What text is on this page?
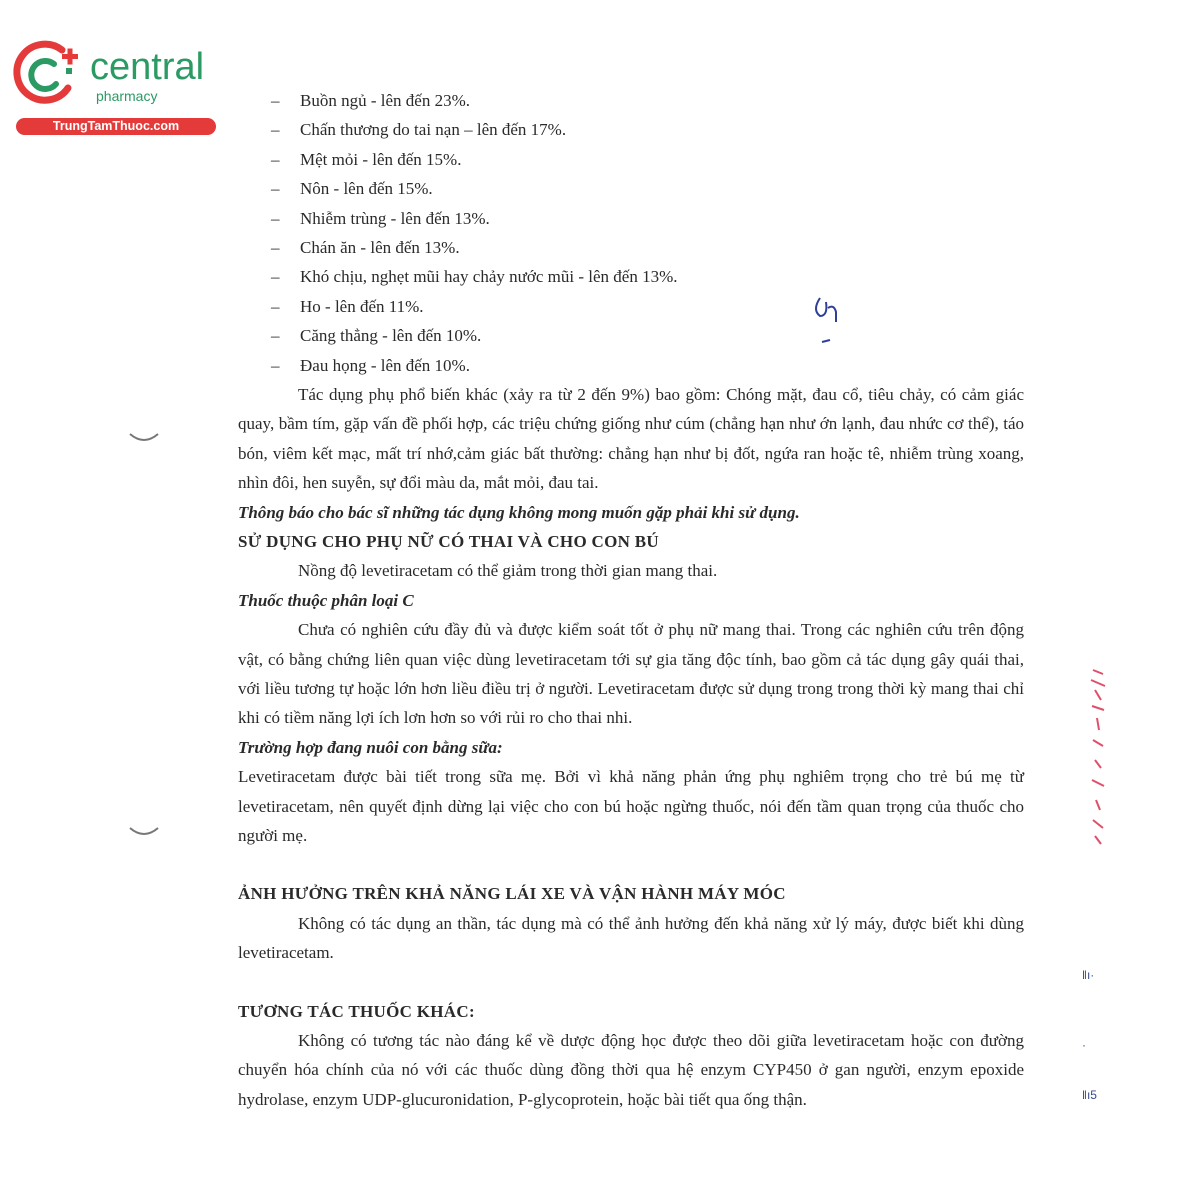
central
pharmacy
TrungTamThuoc.com
– Buồn ngủ - lên đến 23%.
– Chấn thương do tai nạn – lên đến 17%.
– Mệt mỏi - lên đến 15%.
– Nôn - lên đến 15%.
– Nhiễm trùng - lên đến 13%.
– Chán ăn - lên đến 13%.
– Khó chịu, nghẹt mũi hay chảy nước mũi - lên đến 13%.
– Ho - lên đến 11%.
– Căng thẳng - lên đến 10%.
– Đau họng - lên đến 10%.

Tác dụng phụ phổ biến khác (xảy ra từ 2 đến 9%) bao gồm: Chóng mặt, đau cổ, tiêu chảy, có cảm giác quay, bầm tím, gặp vấn đề phối hợp, các triệu chứng giống như cúm (chẳng hạn như ớn lạnh, đau nhức cơ thể), táo bón, viêm kết mạc, mất trí nhớ,cảm giác bất thường: chẳng hạn như bị đốt, ngứa ran hoặc tê, nhiễm trùng xoang, nhìn đôi, hen suyễn, sự đổi màu da, mắt mỏi, đau tai.

Thông báo cho bác sĩ những tác dụng không mong muốn gặp phải khi sử dụng.

SỬ DỤNG CHO PHỤ NỮ CÓ THAI VÀ CHO CON BÚ

Nồng độ levetiracetam có thể giảm trong thời gian mang thai.

Thuốc thuộc phân loại C

Chưa có nghiên cứu đầy đủ và được kiểm soát tốt ở phụ nữ mang thai. Trong các nghiên cứu trên động vật, có bằng chứng liên quan việc dùng levetiracetam tới sự gia tăng độc tính, bao gồm cả tác dụng gây quái thai, với liều tương tự hoặc lớn hơn liều điều trị ở người. Levetiracetam được sử dụng trong trong thời kỳ mang thai chỉ khi có tiềm năng lợi ích lơn hơn so với rủi ro cho thai nhi.

Trường hợp đang nuôi con bằng sữa:

Levetiracetam được bài tiết trong sữa mẹ. Bởi vì khả năng phản ứng phụ nghiêm trọng cho trẻ bú mẹ từ levetiracetam, nên quyết định dừng lại việc cho con bú hoặc ngừng thuốc, nói đến tầm quan trọng của thuốc cho người mẹ.

ẢNH HƯỞNG TRÊN KHẢ NĂNG LÁI XE VÀ VẬN HÀNH MÁY MÓC

Không có tác dụng an thần, tác dụng mà có thể ảnh hưởng đến khả năng xử lý máy, được biết khi dùng levetiracetam.

TƯƠNG TÁC THUỐC KHÁC:

Không có tương tác nào đáng kể về dược động học được theo dõi giữa levetiracetam hoặc con đường chuyển hóa chính của nó với các thuốc dùng đồng thời qua hệ enzym CYP450 ở gan người, enzym epoxide hydrolase, enzym UDP-glucuronidation, P-glycoprotein, hoặc bài tiết qua ống thận.

‖ı·
·
‖ı5
